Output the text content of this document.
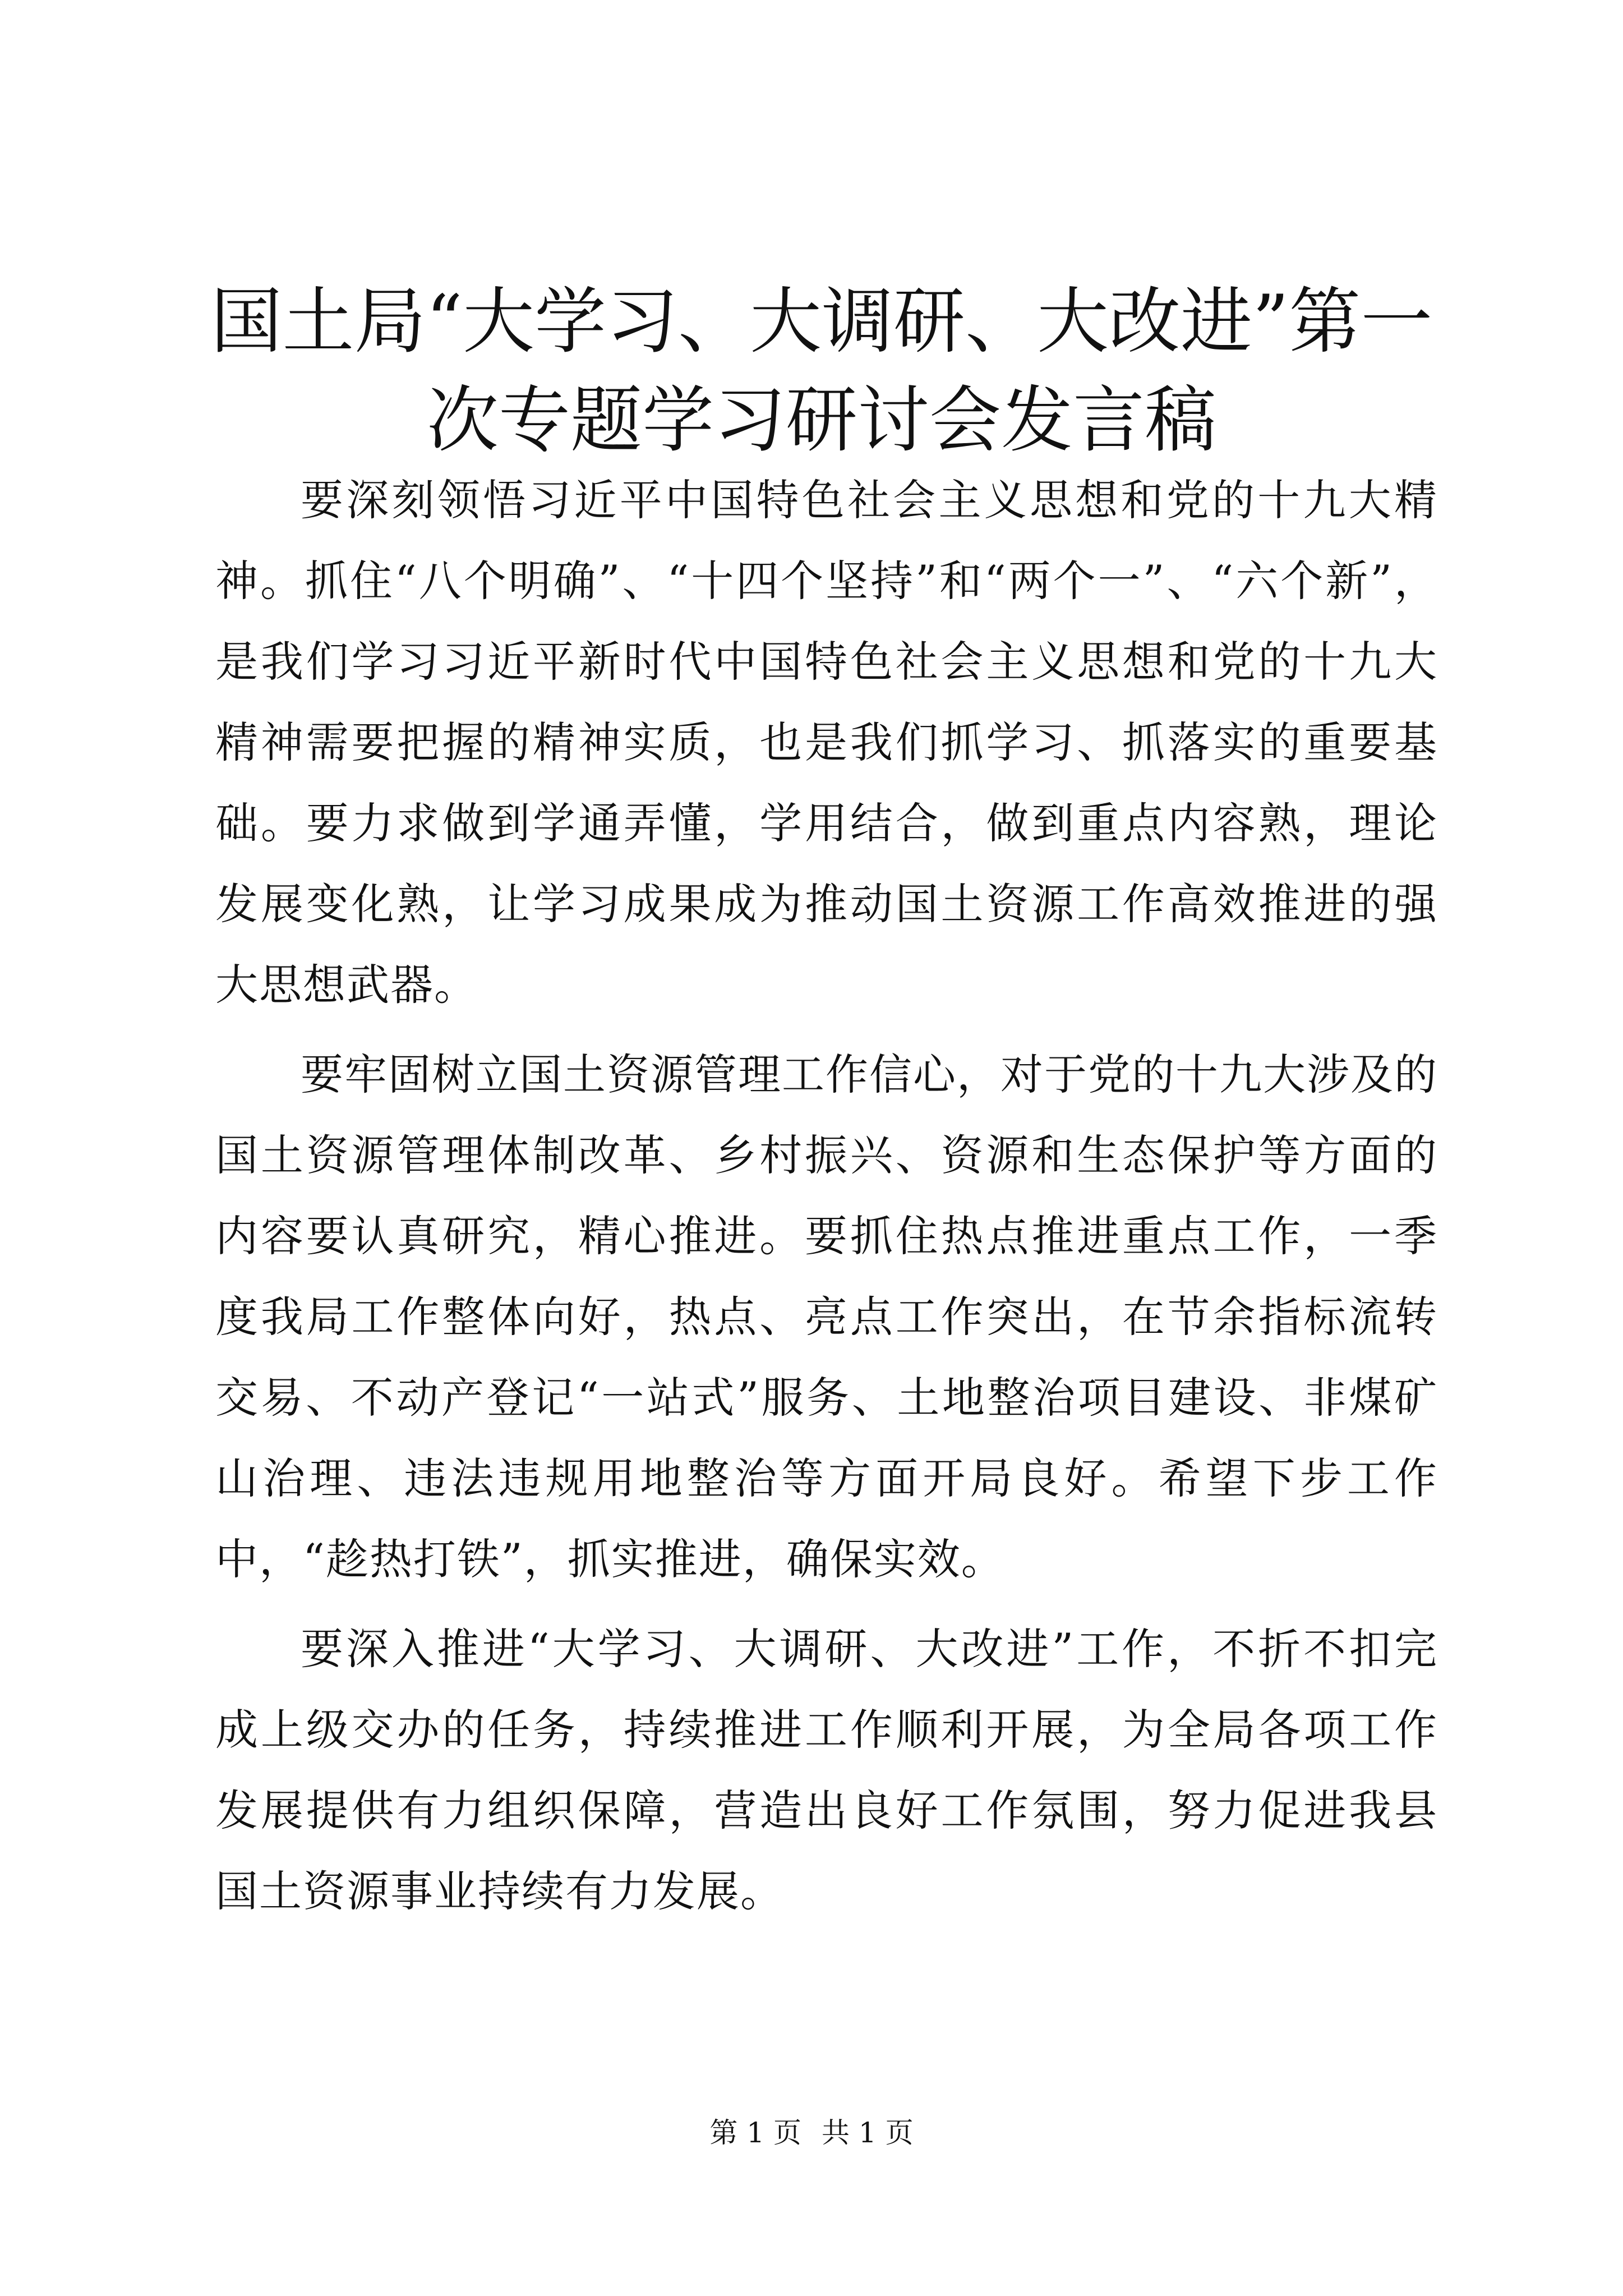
国土局“大学习、大调研、大改进”第一次专题学习研讨会发言稿

要深刻领悟习近平中国特色社会主义思想和党的十九大精神。抓住“八个明确”、“十四个坚持”和“两个一”、“六个新”，是我们学习习近平新时代中国特色社会主义思想和党的十九大精神需要把握的精神实质，也是我们抓学习、抓落实的重要基础。要力求做到学通弄懂，学用结合，做到重点内容熟，理论发展变化熟，让学习成果成为推动国土资源工作高效推进的强大思想武器。

要牢固树立国土资源管理工作信心，对于党的十九大涉及的国土资源管理体制改革、乡村振兴、资源和生态保护等方面的内容要认真研究，精心推进。要抓住热点推进重点工作，一季度我局工作整体向好，热点、亮点工作突出，在节余指标流转交易、不动产登记“一站式”服务、土地整治项目建设、非煤矿山治理、违法违规用地整治等方面开局良好。希望下步工作中，“趁热打铁”，抓实推进，确保实效。

要深入推进“大学习、大调研、大改进”工作，不折不扣完成上级交办的任务，持续推进工作顺利开展，为全局各项工作发展提供有力组织保障，营造出良好工作氛围，努力促进我县国土资源事业持续有力发展。

第 1 页 共 1 页
